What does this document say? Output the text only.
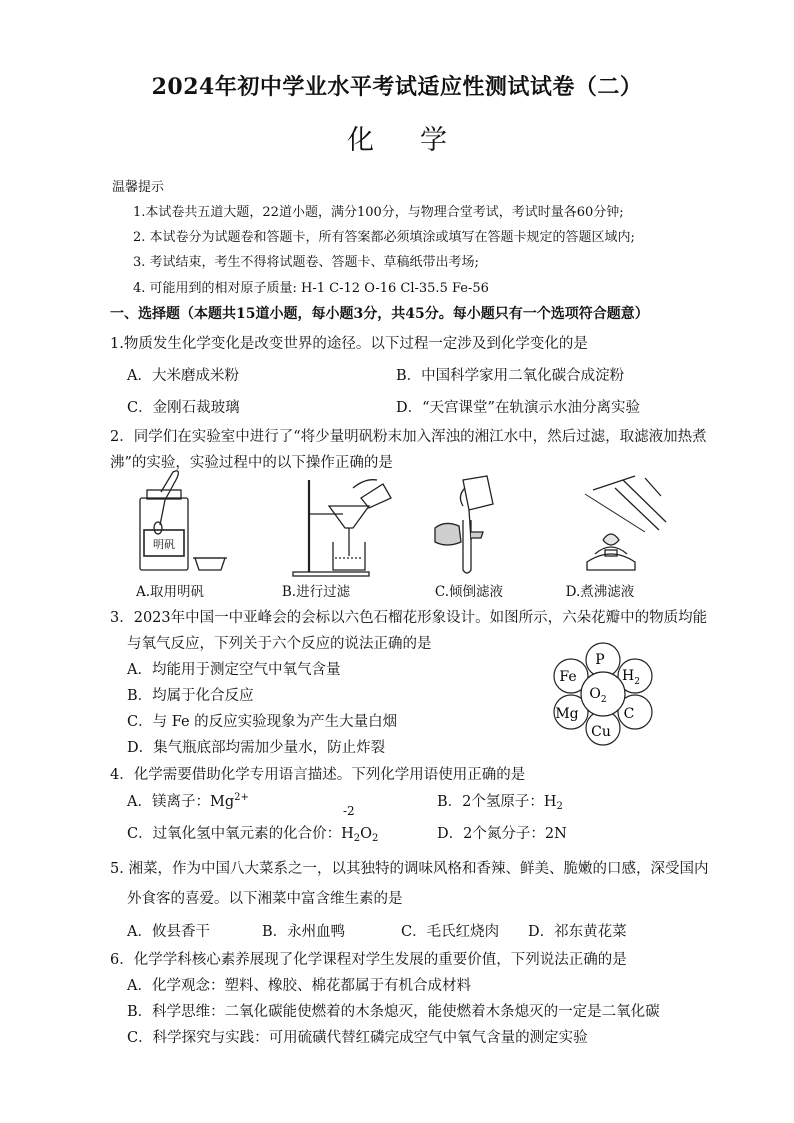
2024年初中学业水平考试适应性测试试卷（二）
化 学
温馨提示
1.本试卷共五道大题，22道小题，满分100分，与物理合堂考试，考试时量各60分钟;
2. 本试卷分为试题卷和答题卡，所有答案都必须填涂或填写在答题卡规定的答题区域内;
3. 考试结束，考生不得将试题卷、答题卡、草稿纸带出考场;
4. 可能用到的相对原子质量: H-1 C-12 O-16 Cl-35.5 Fe-56
一、选择题（本题共15道小题，每小题3分，共45分。每小题只有一个选项符合题意）
1.物质发生化学变化是改变世界的途径。以下过程一定涉及到化学变化的是
A．大米磨成米粉	B．中国科学家用二氧化碳合成淀粉
C．金刚石裁玻璃	D．“天宫课堂”在轨演示水油分离实验
2．同学们在实验室中进行了“将少量明矾粉末加入浑浊的湘江水中，然后过滤，取滤液加热煮
沸”的实验，实验过程中的以下操作正确的是
明矾
A.取用明矾	B.进行过滤	C.倾倒滤液	D.煮沸滤液
3．2023年中国一中亚峰会的会标以六色石榴花形象设计。如图所示，六朵花瓣中的物质均能
与氧气反应，下列关于六个反应的说法正确的是
A．均能用于测定空气中氧气含量
B．均属于化合反应
C．与 Fe 的反应实验现象为产生大量白烟
D．集气瓶底部均需加少量水，防止炸裂
P
$H_2$
C
Cu
Mg
Fe
$O_2$
4．化学需要借助化学专用语言描述。下列化学用语使用正确的是
A．镁离子：$Mg^{2+}$	B．2个氢原子：$H_2$
-2
C．过氧化氢中氧元素的化合价：$H_2O_2$	D．2个氮分子：2N
5. 湘菜，作为中国八大菜系之一，以其独特的调味风格和香辣、鲜美、脆嫩的口感，深受国内
外食客的喜爱。以下湘菜中富含维生素的是
A．攸县香干	B．永州血鸭	C．毛氏红烧肉 D．祁东黄花菜
6．化学学科核心素养展现了化学课程对学生发展的重要价值，下列说法正确的是
A．化学观念：塑料、橡胶、棉花都属于有机合成材料
B．科学思维：二氧化碳能使燃着的木条熄灭，能使燃着木条熄灭的一定是二氧化碳
C．科学探究与实践：可用硫磺代替红磷完成空气中氧气含量的测定实验
